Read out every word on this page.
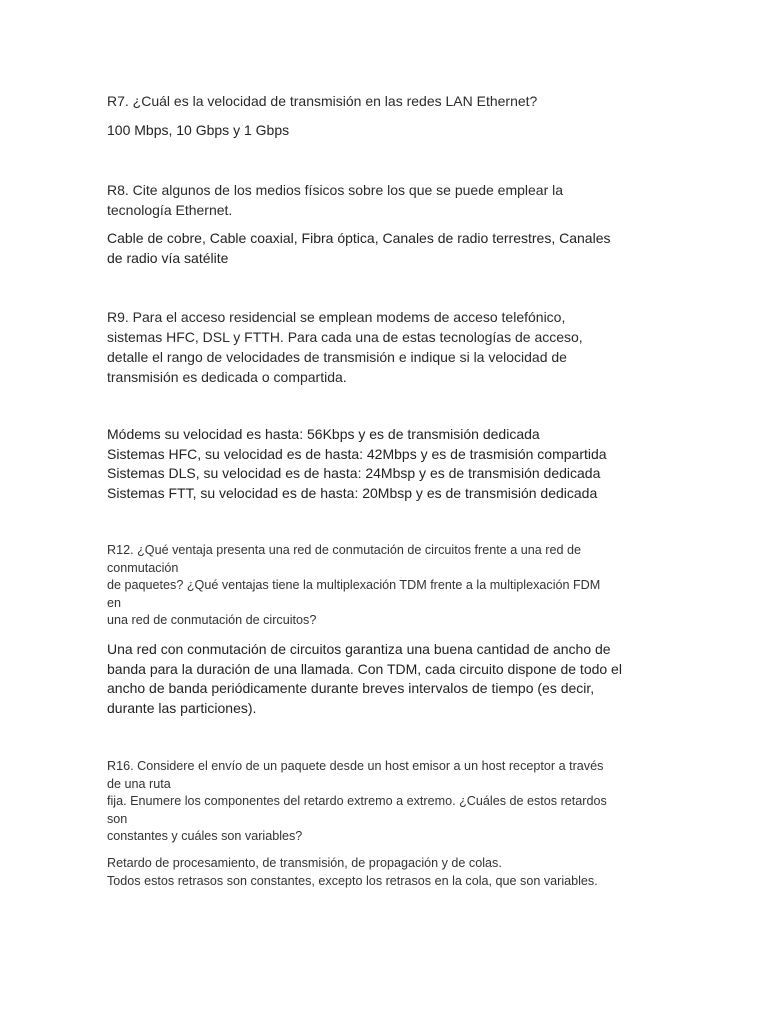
R7. ¿Cuál es la velocidad de transmisión en las redes LAN Ethernet?

100 Mbps, 10 Gbps y 1 Gbps

R8. Cite algunos de los medios físicos sobre los que se puede emplear la
tecnología Ethernet.

Cable de cobre, Cable coaxial, Fibra óptica, Canales de radio terrestres, Canales
de radio vía satélite

R9. Para el acceso residencial se emplean modems de acceso telefónico,
sistemas HFC, DSL y FTTH. Para cada una de estas tecnologías de acceso,
detalle el rango de velocidades de transmisión e indique si la velocidad de
transmisión es dedicada o compartida.

Módems su velocidad es hasta: 56Kbps y es de transmisión dedicada
Sistemas HFC, su velocidad es de hasta: 42Mbps y es de trasmisión compartida
Sistemas DLS, su velocidad es de hasta: 24Mbsp y es de transmisión dedicada
Sistemas FTT, su velocidad es de hasta: 20Mbsp y es de transmisión dedicada

R12. ¿Qué ventaja presenta una red de conmutación de circuitos frente a una red de
conmutación
de paquetes? ¿Qué ventajas tiene la multiplexación TDM frente a la multiplexación FDM
en
una red de conmutación de circuitos?

Una red con conmutación de circuitos garantiza una buena cantidad de ancho de
banda para la duración de una llamada. Con TDM, cada circuito dispone de todo el
ancho de banda periódicamente durante breves intervalos de tiempo (es decir,
durante las particiones).

R16. Considere el envío de un paquete desde un host emisor a un host receptor a través
de una ruta
fija. Enumere los componentes del retardo extremo a extremo. ¿Cuáles de estos retardos
son
constantes y cuáles son variables?

Retardo de procesamiento, de transmisión, de propagación y de colas.
Todos estos retrasos son constantes, excepto los retrasos en la cola, que son variables.
